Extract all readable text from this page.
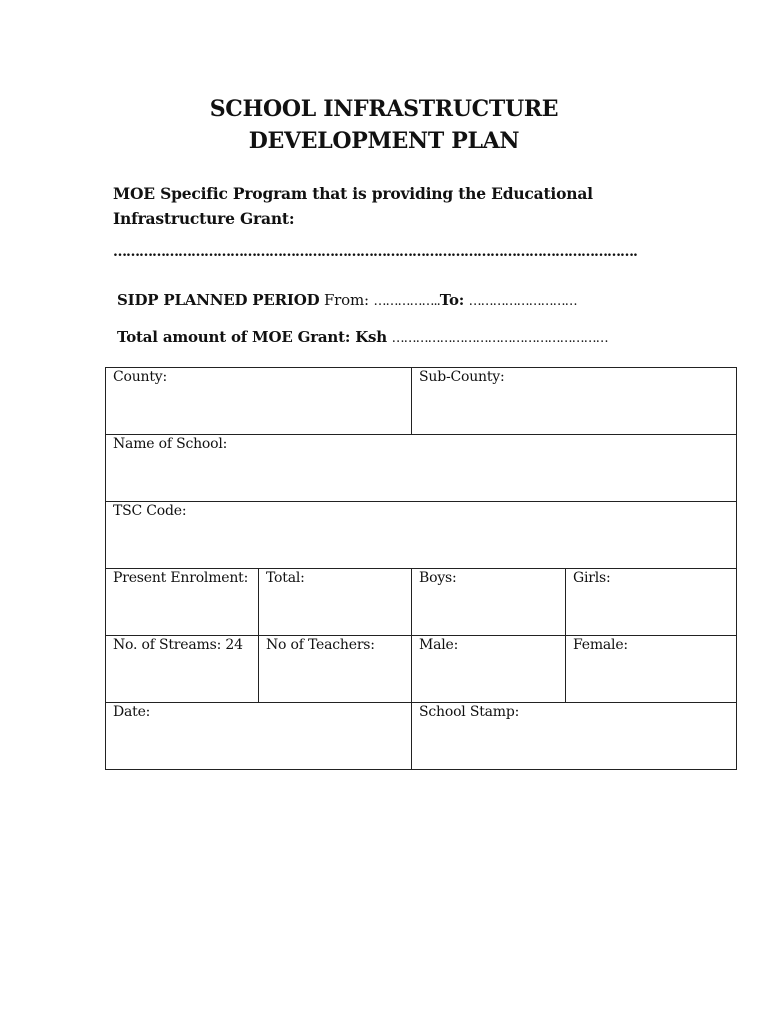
SCHOOL INFRASTRUCTURE
DEVELOPMENT PLAN
MOE Specific Program that is providing the Educational Infrastructure Grant:
………………………………………………………………………………………………………….
SIDP PLANNED PERIOD From: ……………..To: ………………………
Total amount of MOE Grant: Ksh ………………………………………………
County:		Sub-County:	
Name of School:			
TSC Code:			
Present Enrolment:	Total:	Boys:	Girls:
No. of Streams: 24	No of Teachers:	Male:	Female:
Date:		School Stamp:	
